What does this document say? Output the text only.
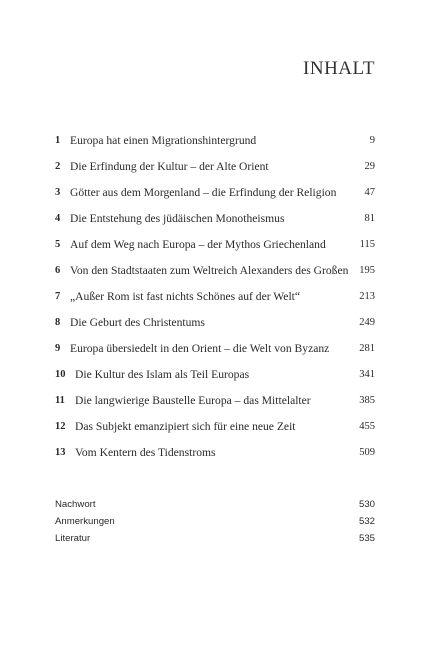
INHALT
1 Europa hat einen Migrationshintergrund	9
2 Die Erfindung der Kultur – der Alte Orient	29
3 Götter aus dem Morgenland – die Erfindung der Religion	47
4 Die Entstehung des jüdäischen Monotheismus	81
5 Auf dem Weg nach Europa – der Mythos Griechenland	115
6 Von den Stadtstaaten zum Weltreich Alexanders des Großen 195
7 „Außer Rom ist fast nichts Schönes auf der Welt“	213
8 Die Geburt des Christentums	249
9 Europa übersiedelt in den Orient – die Welt von Byzanz	281
10 Die Kultur des Islam als Teil Europas	341
11 Die langwierige Baustelle Europa – das Mittelalter	385
12 Das Subjekt emanzipiert sich für eine neue Zeit	455
13 Vom Kentern des Tidenstroms	509
Nachwort	530
Anmerkungen	532
Literatur	535
